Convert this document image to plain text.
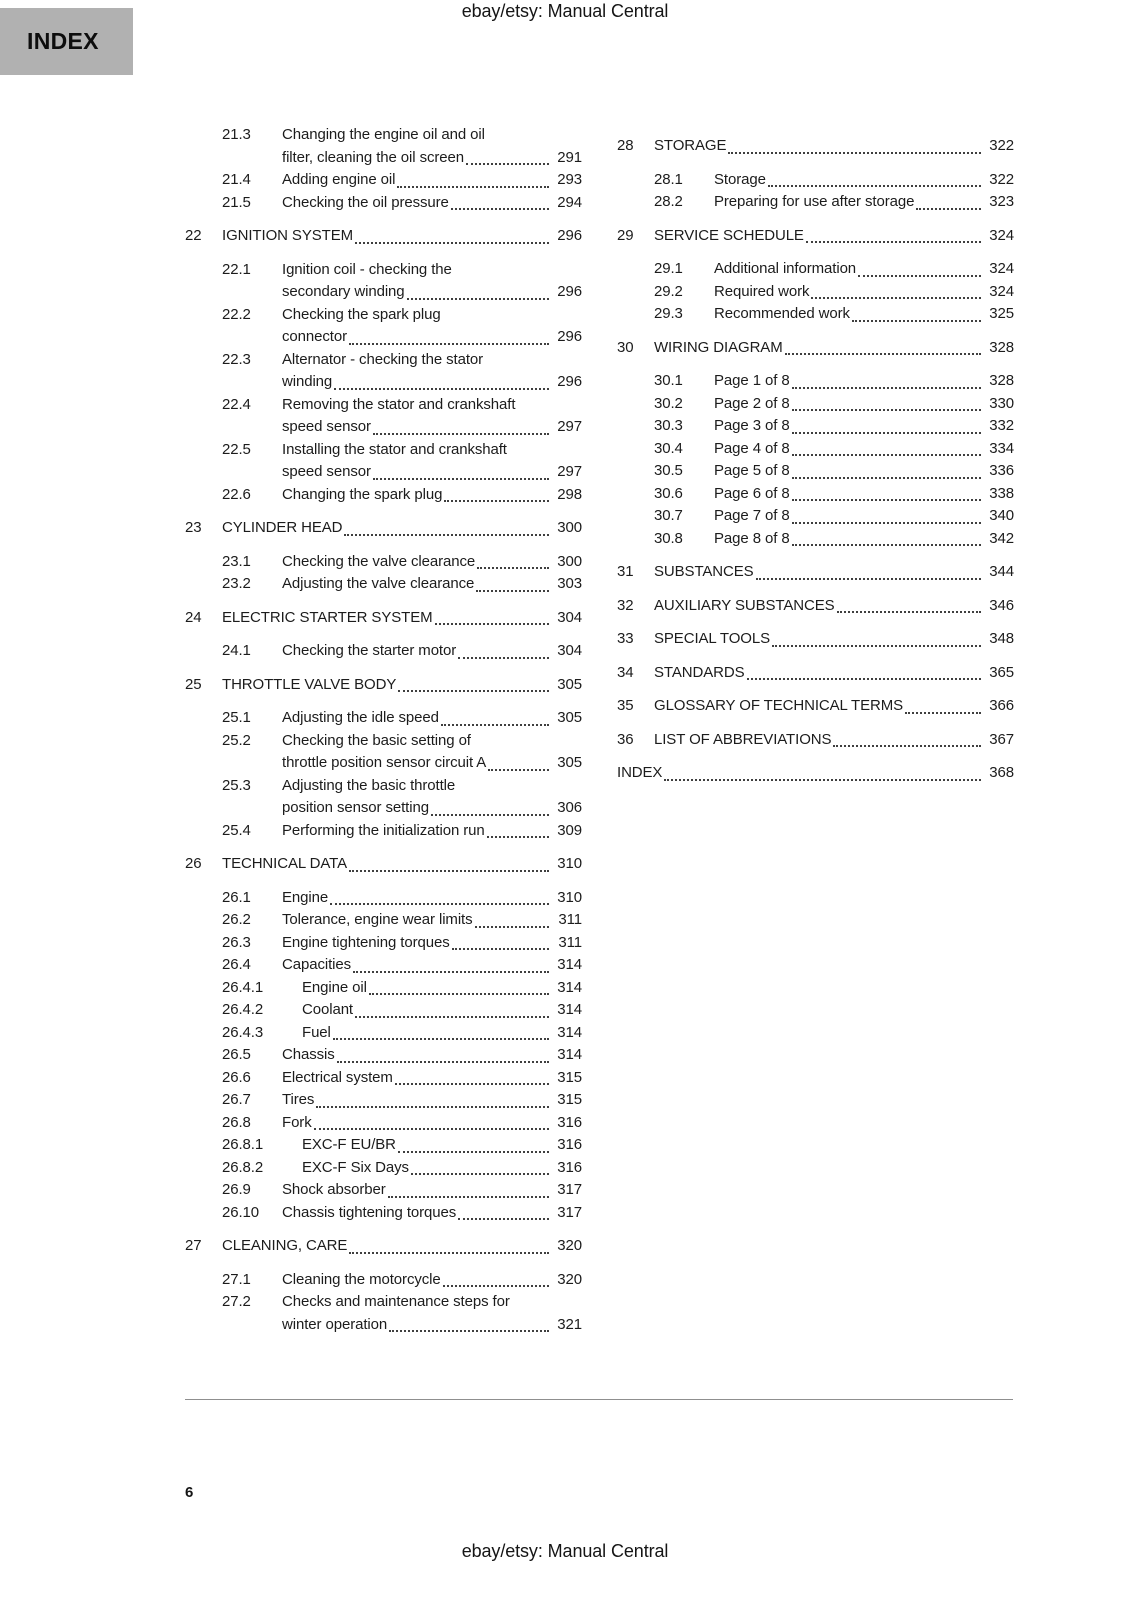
ebay/etsy: Manual Central
INDEX
21.3	Changing the engine oil and oil
filter, cleaning the oil screen	291
21.4	Adding engine oil	293
21.5	Checking the oil pressure	294
22	IGNITION SYSTEM	296
22.1	Ignition coil - checking the
secondary winding	296
22.2	Checking the spark plug
connector	296
22.3	Alternator - checking the stator
winding	296
22.4	Removing the stator and crankshaft
speed sensor	297
22.5	Installing the stator and crankshaft
speed sensor	297
22.6	Changing the spark plug	298
23	CYLINDER HEAD	300
23.1	Checking the valve clearance	300
23.2	Adjusting the valve clearance	303
24	ELECTRIC STARTER SYSTEM	304
24.1	Checking the starter motor	304
25	THROTTLE VALVE BODY	305
25.1	Adjusting the idle speed	305
25.2	Checking the basic setting of
throttle position sensor circuit A	305
25.3	Adjusting the basic throttle
position sensor setting	306
25.4	Performing the initialization run	309
26	TECHNICAL DATA	310
26.1	Engine	310
26.2	Tolerance, engine wear limits	311
26.3	Engine tightening torques	311
26.4	Capacities	314
26.4.1	Engine oil	314
26.4.2	Coolant	314
26.4.3	Fuel	314
26.5	Chassis	314
26.6	Electrical system	315
26.7	Tires	315
26.8	Fork	316
26.8.1	EXC-F EU/BR	316
26.8.2	EXC-F Six Days	316
26.9	Shock absorber	317
26.10	Chassis tightening torques	317
27	CLEANING, CARE	320
27.1	Cleaning the motorcycle	320
27.2	Checks and maintenance steps for
winter operation	321
28	STORAGE	322
28.1	Storage	322
28.2	Preparing for use after storage	323
29	SERVICE SCHEDULE	324
29.1	Additional information	324
29.2	Required work	324
29.3	Recommended work	325
30	WIRING DIAGRAM	328
30.1	Page 1 of 8	328
30.2	Page 2 of 8	330
30.3	Page 3 of 8	332
30.4	Page 4 of 8	334
30.5	Page 5 of 8	336
30.6	Page 6 of 8	338
30.7	Page 7 of 8	340
30.8	Page 8 of 8	342
31	SUBSTANCES	344
32	AUXILIARY SUBSTANCES	346
33	SPECIAL TOOLS	348
34	STANDARDS	365
35	GLOSSARY OF TECHNICAL TERMS	366
36	LIST OF ABBREVIATIONS	367
INDEX	368
6
ebay/etsy: Manual Central
